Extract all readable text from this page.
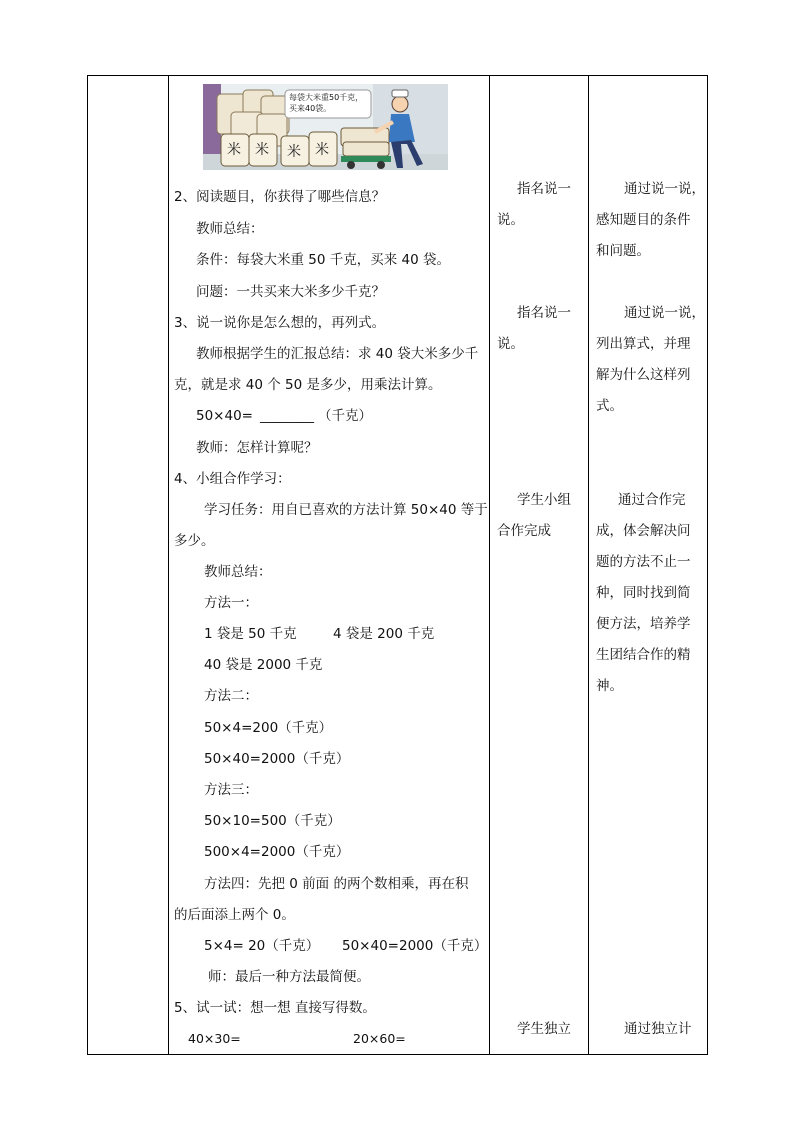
每袋大米重50千克，
买来40袋。
米 米 米 米
2、阅读题目，你获得了哪些信息？
教师总结：
条件：每袋大米重 50 千克，买来 40 袋。
问题：一共买来大米多少千克？
3、说一说你是怎么想的，再列式。
教师根据学生的汇报总结：求 40 袋大米多少千
克，就是求 40 个 50 是多少，用乘法计算。
50×40= ________ （千克）
教师：怎样计算呢？
4、小组合作学习：
学习任务：用自已喜欢的方法计算 50×40 等于
多少。
教师总结：
方法一：
1 袋是 50 千克	4 袋是 200 千克
40 袋是 2000 千克
方法二：
50×4=200（千克）
50×40=2000（千克）
方法三：
50×10=500（千克）
500×4=2000（千克）
方法四：先把 0 前面 的两个数相乘，再在积
的后面添上两个 0。
5×4= 20（千克） 50×40=2000（千克）
师：最后一种方法最简便。
5、试一试：想一想 直接写得数。
40×30=	20×60=
指名说一
说。
指名说一
说。
学生小组
合作完成
学生独立
通过说一说，
感知题目的条件
和问题。
通过说一说，
列出算式，并理
解为什么这样列
式。
通过合作完
成，体会解决问
题的方法不止一
种，同时找到简
便方法，培养学
生团结合作的精
神。
通过独立计
